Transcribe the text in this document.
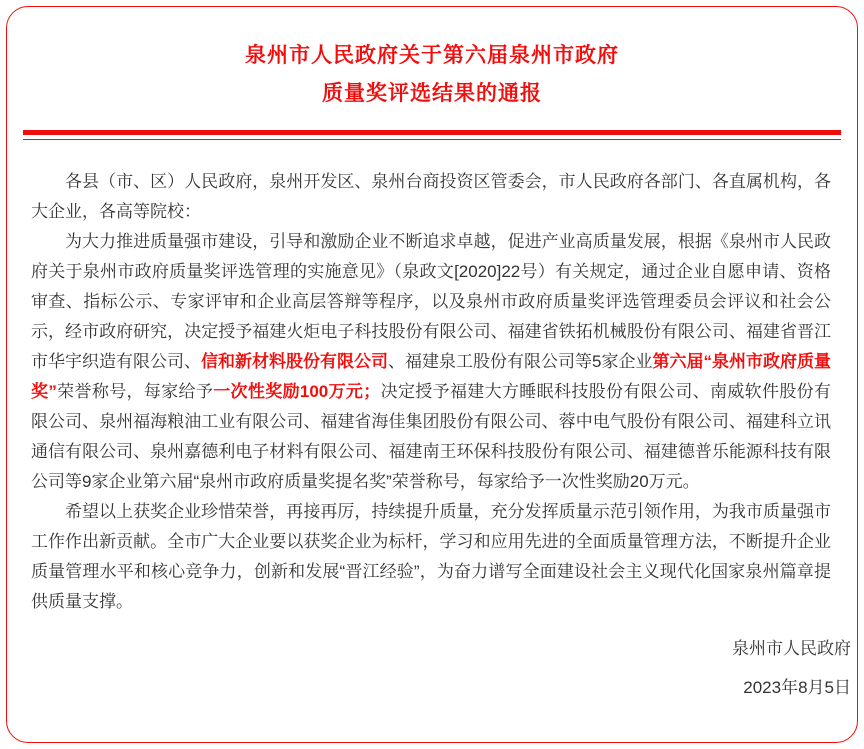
泉州市人民政府关于第六届泉州市政府
质量奖评选结果的通报

各县（市、区）人民政府，泉州开发区、泉州台商投资区管委会，市人民政府各部门、各直属机构，各大企业，各高等院校：

为大力推进质量强市建设，引导和激励企业不断追求卓越，促进产业高质量发展，根据《泉州市人民政府关于泉州市政府质量奖评选管理的实施意见》（泉政文[2020]22号）有关规定，通过企业自愿申请、资格审查、指标公示、专家评审和企业高层答辩等程序，以及泉州市政府质量奖评选管理委员会评议和社会公示，经市政府研究，决定授予福建火炬电子科技股份有限公司、福建省铁拓机械股份有限公司、福建省晋江市华宇织造有限公司、信和新材料股份有限公司、福建泉工股份有限公司等5家企业第六届“泉州市政府质量奖”荣誉称号，每家给予一次性奖励100万元；决定授予福建大方睡眠科技股份有限公司、南威软件股份有限公司、泉州福海粮油工业有限公司、福建省海佳集团股份有限公司、蓉中电气股份有限公司、福建科立讯通信有限公司、泉州嘉德利电子材料有限公司、福建南王环保科技股份有限公司、福建德普乐能源科技有限公司等9家企业第六届“泉州市政府质量奖提名奖”荣誉称号，每家给予一次性奖励20万元。

希望以上获奖企业珍惜荣誉，再接再厉，持续提升质量，充分发挥质量示范引领作用，为我市质量强市工作作出新贡献。全市广大企业要以获奖企业为标杆，学习和应用先进的全面质量管理方法，不断提升企业质量管理水平和核心竞争力，创新和发展“晋江经验”，为奋力谱写全面建设社会主义现代化国家泉州篇章提供质量支撑。

泉州市人民政府
2023年8月5日
